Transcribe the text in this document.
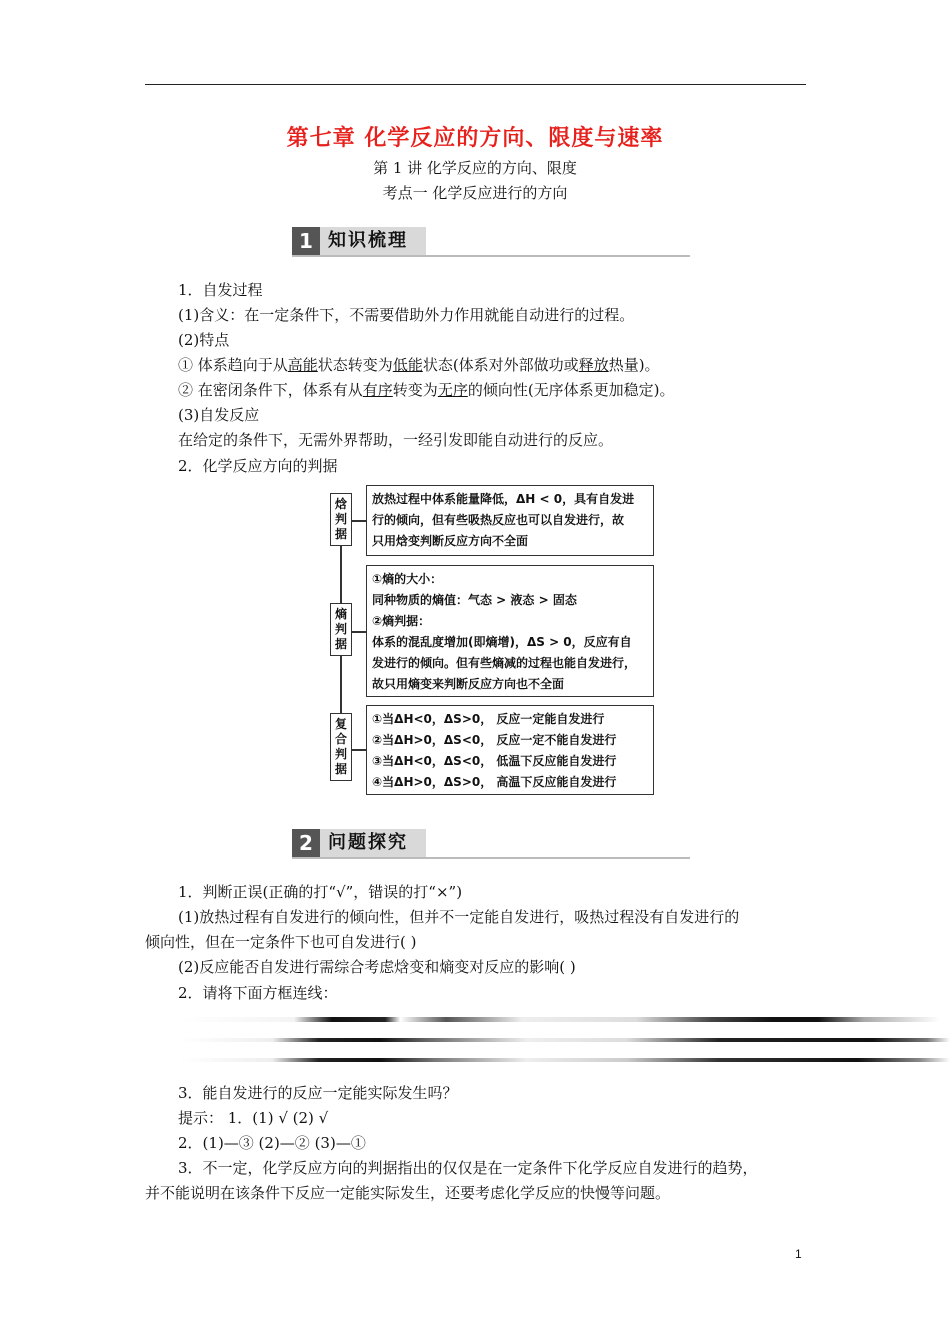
第七章 化学反应的方向、限度与速率
第 1 讲 化学反应的方向、限度
考点一 化学反应进行的方向
1 知识梳理
1．自发过程
(1)含义：在一定条件下，不需要借助外力作用就能自动进行的过程。
(2)特点
① 体系趋向于从高能状态转变为低能状态(体系对外部做功或释放热量)。
② 在密闭条件下，体系有从有序转变为无序的倾向性(无序体系更加稳定)。
(3)自发反应
在给定的条件下，无需外界帮助，一经引发即能自动进行的反应。
2．化学反应方向的判据
焓
判
据
熵
判
据
复
合
判
据
放热过程中体系能量降低，ΔH < 0，具有自发进
行的倾向，但有些吸热反应也可以自发进行，故
只用焓变判断反应方向不全面
①熵的大小：
同种物质的熵值：气态 > 液态 > 固态
②熵判据：
体系的混乱度增加(即熵增)，ΔS > 0，反应有自
发进行的倾向。但有些熵减的过程也能自发进行，
故只用熵变来判断反应方向也不全面
①当ΔH<0，ΔS>0， 反应一定能自发进行
②当ΔH>0，ΔS<0， 反应一定不能自发进行
③当ΔH<0，ΔS<0， 低温下反应能自发进行
④当ΔH>0，ΔS>0， 高温下反应能自发进行
2 问题探究
1．判断正误(正确的打“√”，错误的打“×”)
(1)放热过程有自发进行的倾向性，但并不一定能自发进行，吸热过程没有自发进行的
倾向性，但在一定条件下也可自发进行( )
(2)反应能否自发进行需综合考虑焓变和熵变对反应的影响( )
2．请将下面方框连线：
3．能自发进行的反应一定能实际发生吗？
提示： 1．(1) √ (2) √
2．(1)—③ (2)—② (3)—①
3．不一定，化学反应方向的判据指出的仅仅是在一定条件下化学反应自发进行的趋势，
并不能说明在该条件下反应一定能实际发生，还要考虑化学反应的快慢等问题。
1
